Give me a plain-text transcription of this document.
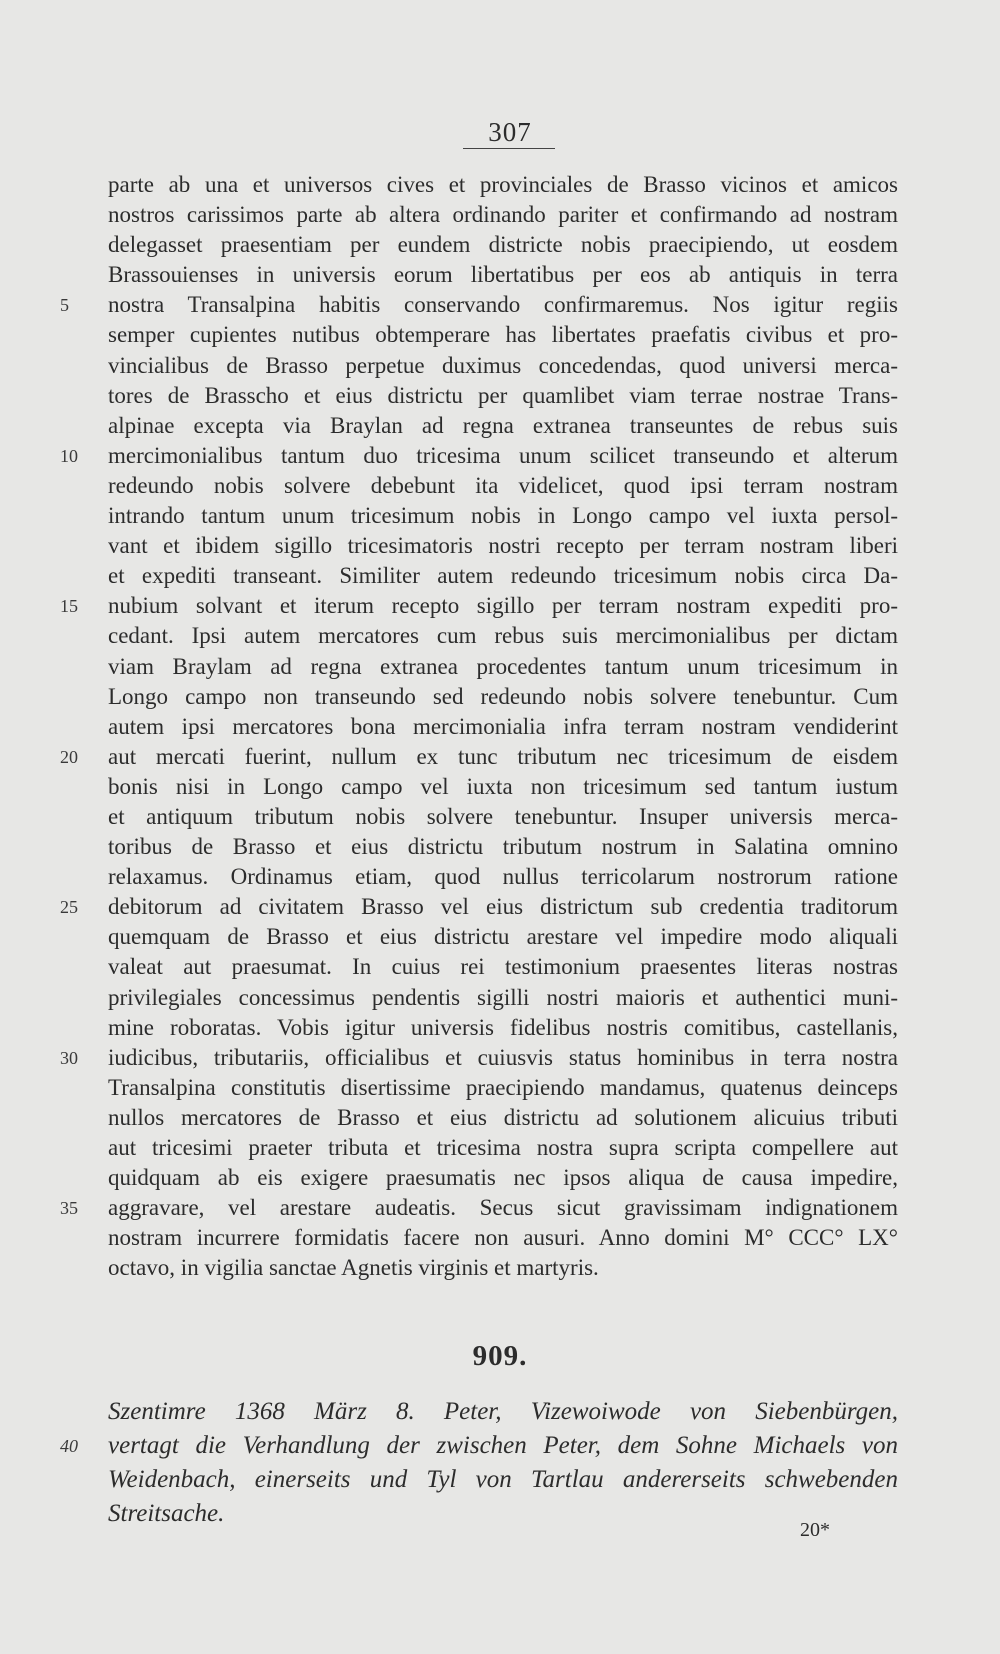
307
parte ab una et universos cives et provinciales de Brasso vicinos et amicos
nostros carissimos parte ab altera ordinando pariter et confirmando ad nostram
delegasset praesentiam per eundem districte nobis praecipiendo, ut eosdem
Brassouienses in universis eorum libertatibus per eos ab antiquis in terra
5	nostra Transalpina habitis conservando confirmaremus. Nos igitur regiis
semper cupientes nutibus obtemperare has libertates praefatis civibus et pro-
vincialibus de Brasso perpetue duximus concedendas, quod universi merca-
tores de Brasscho et eius districtu per quamlibet viam terrae nostrae Trans-
alpinae excepta via Braylan ad regna extranea transeuntes de rebus suis
10	mercimonialibus tantum duo tricesima unum scilicet transeundo et alterum
redeundo nobis solvere debebunt ita videlicet, quod ipsi terram nostram
intrando tantum unum tricesimum nobis in Longo campo vel iuxta persol-
vant et ibidem sigillo tricesimatoris nostri recepto per terram nostram liberi
et expediti transeant. Similiter autem redeundo tricesimum nobis circa Da-
15	nubium solvant et iterum recepto sigillo per terram nostram expediti pro-
cedant. Ipsi autem mercatores cum rebus suis mercimonialibus per dictam
viam Braylam ad regna extranea procedentes tantum unum tricesimum in
Longo campo non transeundo sed redeundo nobis solvere tenebuntur. Cum
autem ipsi mercatores bona mercimonialia infra terram nostram vendiderint
20	aut mercati fuerint, nullum ex tunc tributum nec tricesimum de eisdem
bonis nisi in Longo campo vel iuxta non tricesimum sed tantum iustum
et antiquum tributum nobis solvere tenebuntur. Insuper universis merca-
toribus de Brasso et eius districtu tributum nostrum in Salatina omnino
relaxamus. Ordinamus etiam, quod nullus terricolarum nostrorum ratione
25	debitorum ad civitatem Brasso vel eius districtum sub credentia traditorum
quemquam de Brasso et eius districtu arestare vel impedire modo aliquali
valeat aut praesumat. In cuius rei testimonium praesentes literas nostras
privilegiales concessimus pendentis sigilli nostri maioris et authentici muni-
mine roboratas. Vobis igitur universis fidelibus nostris comitibus, castellanis,
30	iudicibus, tributariis, officialibus et cuiusvis status hominibus in terra nostra
Transalpina constitutis disertissime praecipiendo mandamus, quatenus deinceps
nullos mercatores de Brasso et eius districtu ad solutionem alicuius tributi
aut tricesimi praeter tributa et tricesima nostra supra scripta compellere aut
quidquam ab eis exigere praesumatis nec ipsos aliqua de causa impedire,
35	aggravare, vel arestare audeatis. Secus sicut gravissimam indignationem
nostram incurrere formidatis facere non ausuri. Anno domini M° CCC° LX°
octavo, in vigilia sanctae Agnetis virginis et martyris.
909.
Szentimre 1368 März 8. Peter, Vizewoiwode von Siebenbürgen,
40	vertagt die Verhandlung der zwischen Peter, dem Sohne Michaels von
Weidenbach, einerseits und Tyl von Tartlau andererseits schwebenden
Streitsache.
20*
